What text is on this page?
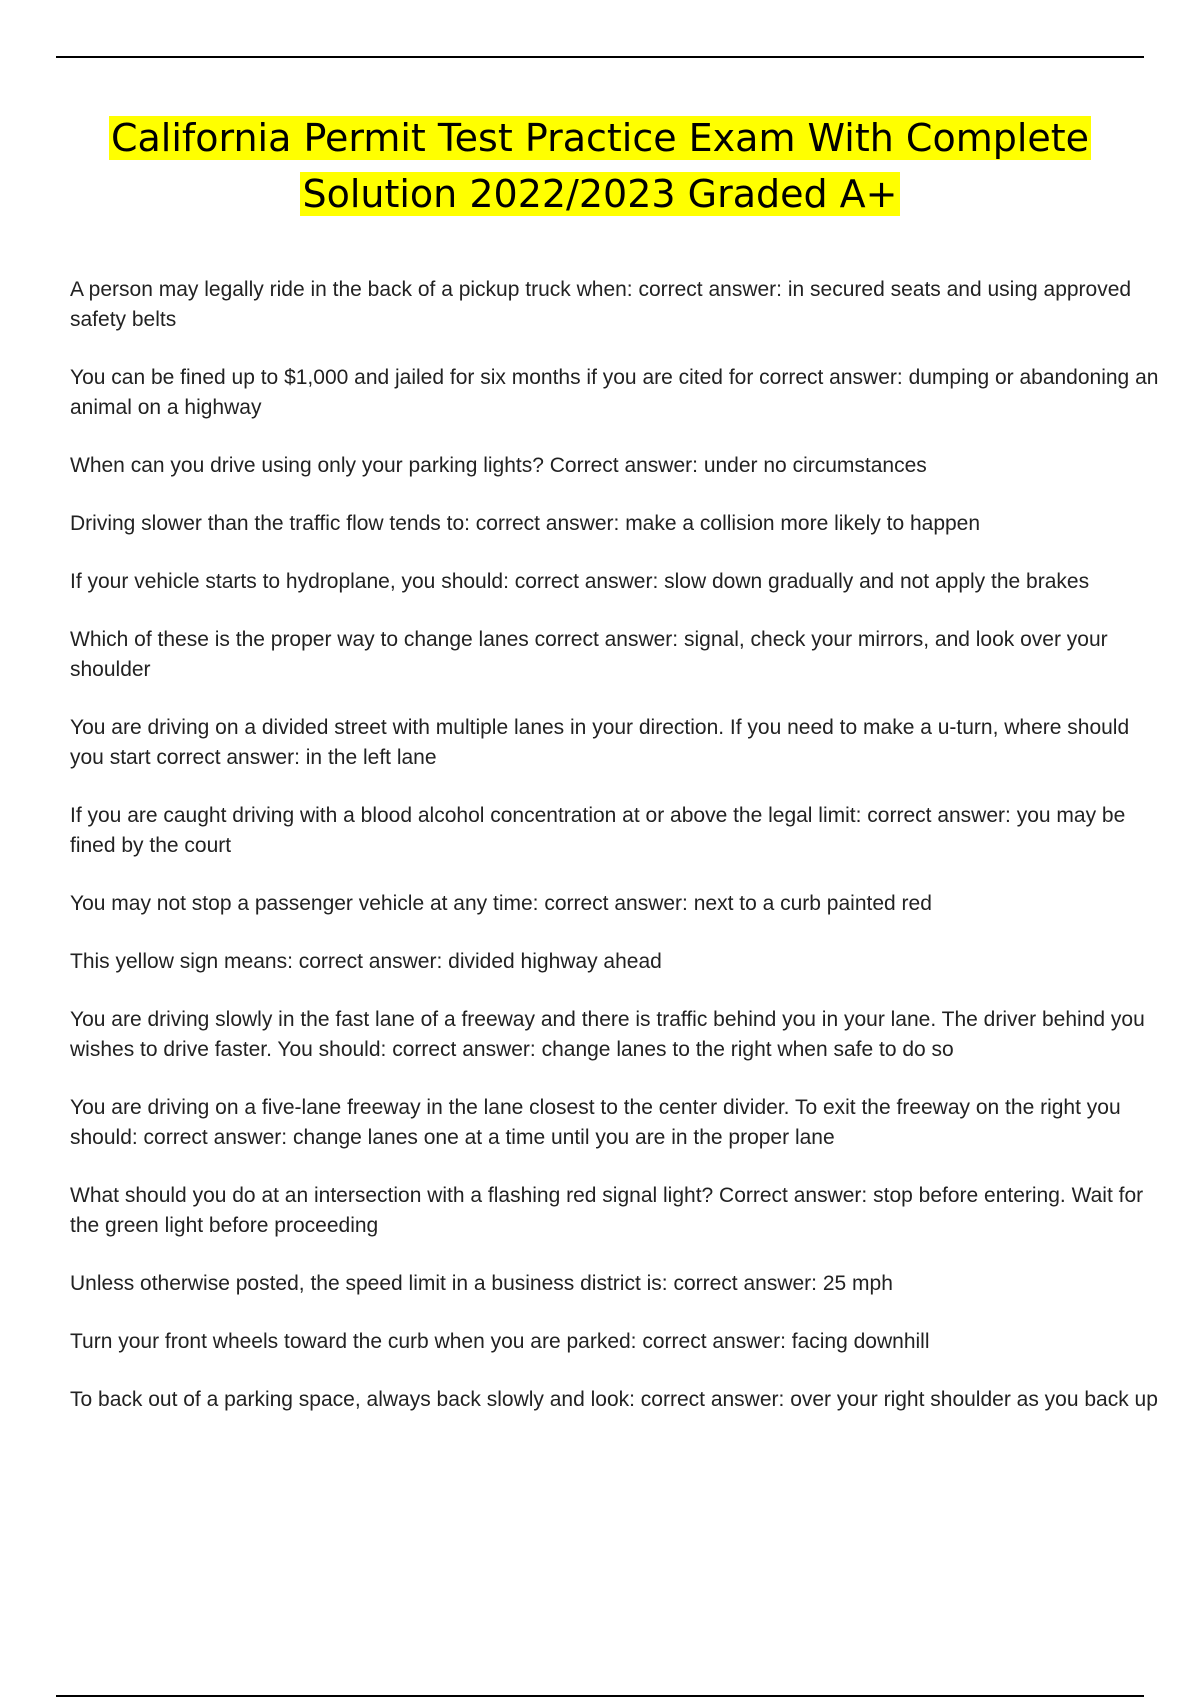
California Permit Test Practice Exam With Complete Solution 2022/2023 Graded A+
A person may legally ride in the back of a pickup truck when: correct answer: in secured seats and using approved safety belts
You can be fined up to $1,000 and jailed for six months if you are cited for correct answer: dumping or abandoning an animal on a highway
When can you drive using only your parking lights? Correct answer: under no circumstances
Driving slower than the traffic flow tends to: correct answer: make a collision more likely to happen
If your vehicle starts to hydroplane, you should: correct answer: slow down gradually and not apply the brakes
Which of these is the proper way to change lanes correct answer: signal, check your mirrors, and look over your shoulder
You are driving on a divided street with multiple lanes in your direction. If you need to make a u-turn, where should you start correct answer: in the left lane
If you are caught driving with a blood alcohol concentration at or above the legal limit: correct answer: you may be fined by the court
You may not stop a passenger vehicle at any time: correct answer: next to a curb painted red
This yellow sign means: correct answer: divided highway ahead
You are driving slowly in the fast lane of a freeway and there is traffic behind you in your lane. The driver behind you wishes to drive faster. You should: correct answer: change lanes to the right when safe to do so
You are driving on a five-lane freeway in the lane closest to the center divider. To exit the freeway on the right you should: correct answer: change lanes one at a time until you are in the proper lane
What should you do at an intersection with a flashing red signal light? Correct answer: stop before entering. Wait for the green light before proceeding
Unless otherwise posted, the speed limit in a business district is: correct answer: 25 mph
Turn your front wheels toward the curb when you are parked: correct answer: facing downhill
To back out of a parking space, always back slowly and look: correct answer: over your right shoulder as you back up
